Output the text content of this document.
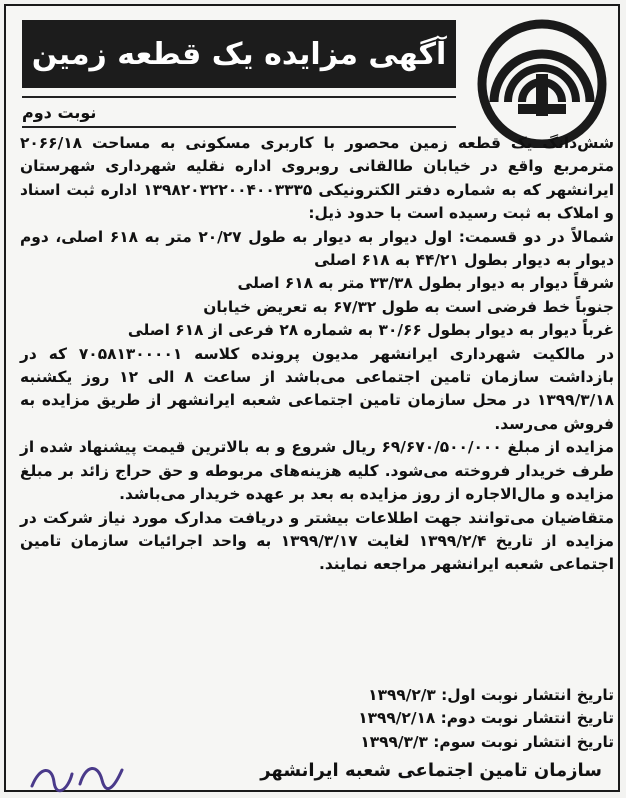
آگهی مزایده یک قطعه زمین
نوبت دوم

شش‌دانگ یک قطعه زمین محصور با کاربری مسکونی به مساحت ۲۰۶۶/۱۸ مترمربع واقع در خیابان طالقانی روبروی اداره نقلیه شهرداری شهرستان ایرانشهر که به شماره دفتر الکترونیکی ۱۳۹۸۲۰۳۲۲۰۰۴۰۰۳۳۳۵ اداره ثبت اسناد و املاک به ثبت رسیده است با حدود ذیل:

شمالاً در دو قسمت: اول دیوار به دیوار به طول ۲۰/۲۷ متر به ۶۱۸ اصلی، دوم دیوار به دیوار بطول ۴۴/۲۱ به ۶۱۸ اصلی

شرقاً دیوار به دیوار بطول ۳۳/۳۸ متر به ۶۱۸ اصلی

جنوباً خط فرضی است به طول ۶۷/۳۲ به تعریض خیابان

غرباً دیوار به دیوار بطول ۳۰/۶۶ به شماره ۲۸ فرعی از ۶۱۸ اصلی

در مالکیت شهرداری ایرانشهر مدیون پرونده کلاسه ۷۰۵۸۱۳۰۰۰۰۱ که در بازداشت سازمان تامین اجتماعی می‌باشد از ساعت ۸ الی ۱۲ روز یکشنبه ۱۳۹۹/۳/۱۸ در محل سازمان تامین اجتماعی شعبه ایرانشهر از طریق مزایده به فروش می‌رسد.

مزایده از مبلغ ۶۹/۶۷۰/۵۰۰/۰۰۰ ریال شروع و به بالاترین قیمت پیشنهاد شده از طرف خریدار فروخته می‌شود. کلیه هزینه‌های مربوطه و حق حراج زائد بر مبلغ مزایده و مال‌الاجاره از روز مزایده به بعد بر عهده خریدار می‌باشد.

متقاضیان می‌توانند جهت اطلاعات بیشتر و دریافت مدارک مورد نیاز شرکت در مزایده از تاریخ ۱۳۹۹/۲/۴ لغایت ۱۳۹۹/۳/۱۷ به واحد اجرائیات سازمان تامین اجتماعی شعبه ایرانشهر مراجعه نمایند.

تاریخ انتشار نوبت اول: ۱۳۹۹/۲/۳
تاریخ انتشار نوبت دوم: ۱۳۹۹/۲/۱۸
تاریخ انتشار نوبت سوم: ۱۳۹۹/۳/۳
سازمان تامین اجتماعی شعبه ایرانشهر
